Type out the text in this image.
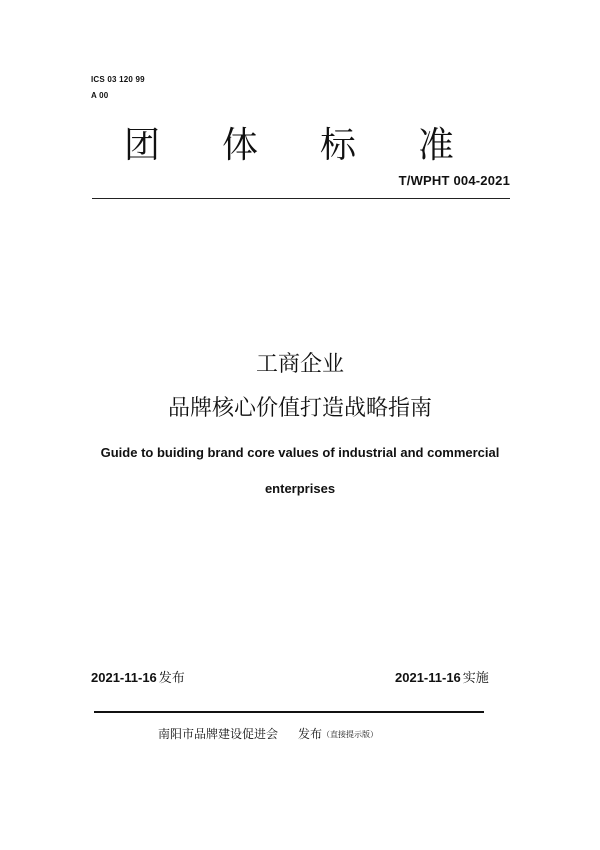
ICS 03 120 99
A 00
团 体 标 准
T/WPHT 004-2021
工商企业
品牌核心价值打造战略指南
Guide to buiding brand core values of industrial and commercial
enterprises
2021-11-16 发布	2021-11-16 实施
南阳市品牌建设促进会 发布（直接提示版）
